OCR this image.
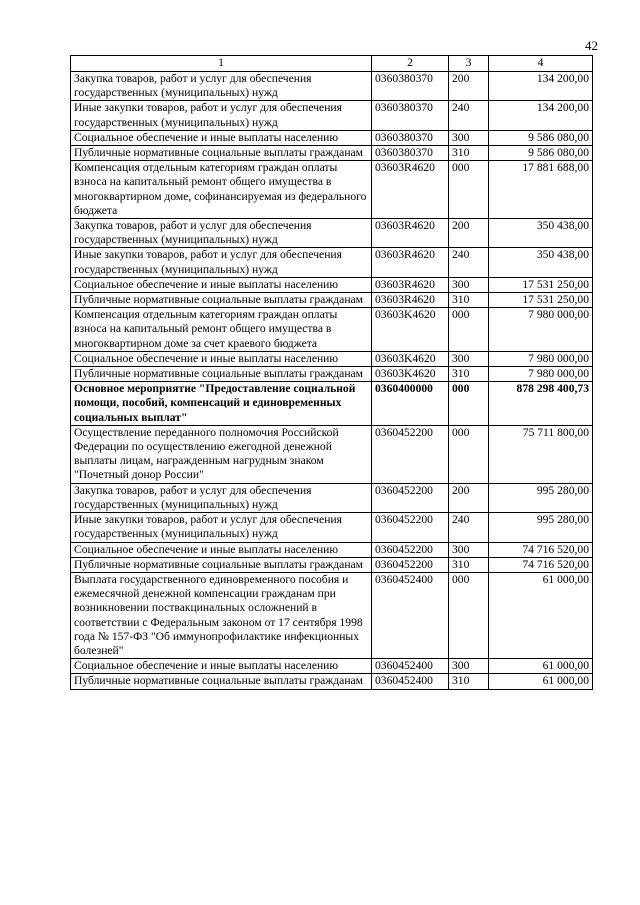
42
1	2	3	4
Закупка товаров, работ и услуг для обеспечения государственных (муниципальных) нужд	0360380370	200	134 200,00
Иные закупки товаров, работ и услуг для обеспечения государственных (муниципальных) нужд	0360380370	240	134 200,00
Социальное обеспечение и иные выплаты населению	0360380370	300	9 586 080,00
Публичные нормативные социальные выплаты гражданам	0360380370	310	9 586 080,00
Компенсация отдельным категориям граждан оплаты взноса на капитальный ремонт общего имущества в многоквартирном доме, софинансируемая из федерального бюджета	03603R4620	000	17 881 688,00
Закупка товаров, работ и услуг для обеспечения государственных (муниципальных) нужд	03603R4620	200	350 438,00
Иные закупки товаров, работ и услуг для обеспечения государственных (муниципальных) нужд	03603R4620	240	350 438,00
Социальное обеспечение и иные выплаты населению	03603R4620	300	17 531 250,00
Публичные нормативные социальные выплаты гражданам	03603R4620	310	17 531 250,00
Компенсация отдельным категориям граждан оплаты взноса на капитальный ремонт общего имущества в многоквартирном доме за счет краевого бюджета	03603K4620	000	7 980 000,00
Социальное обеспечение и иные выплаты населению	03603K4620	300	7 980 000,00
Публичные нормативные социальные выплаты гражданам	03603K4620	310	7 980 000,00
Основное мероприятие "Предоставление социальной помощи, пособий, компенсаций и единовременных социальных выплат"	0360400000	000	878 298 400,73
Осуществление переданного полномочия Российской Федерации по осуществлению ежегодной денежной выплаты лицам, награжденным нагрудным знаком "Почетный донор России"	0360452200	000	75 711 800,00
Закупка товаров, работ и услуг для обеспечения государственных (муниципальных) нужд	0360452200	200	995 280,00
Иные закупки товаров, работ и услуг для обеспечения государственных (муниципальных) нужд	0360452200	240	995 280,00
Социальное обеспечение и иные выплаты населению	0360452200	300	74 716 520,00
Публичные нормативные социальные выплаты гражданам	0360452200	310	74 716 520,00
Выплата государственного единовременного пособия и ежемесячной денежной компенсации гражданам при возникновении поствакцинальных осложнений в соответствии с Федеральным законом от 17 сентября 1998 года № 157-ФЗ "Об иммунопрофилактике инфекционных болезней"	0360452400	000	61 000,00
Социальное обеспечение и иные выплаты населению	0360452400	300	61 000,00
Публичные нормативные социальные выплаты гражданам	0360452400	310	61 000,00
